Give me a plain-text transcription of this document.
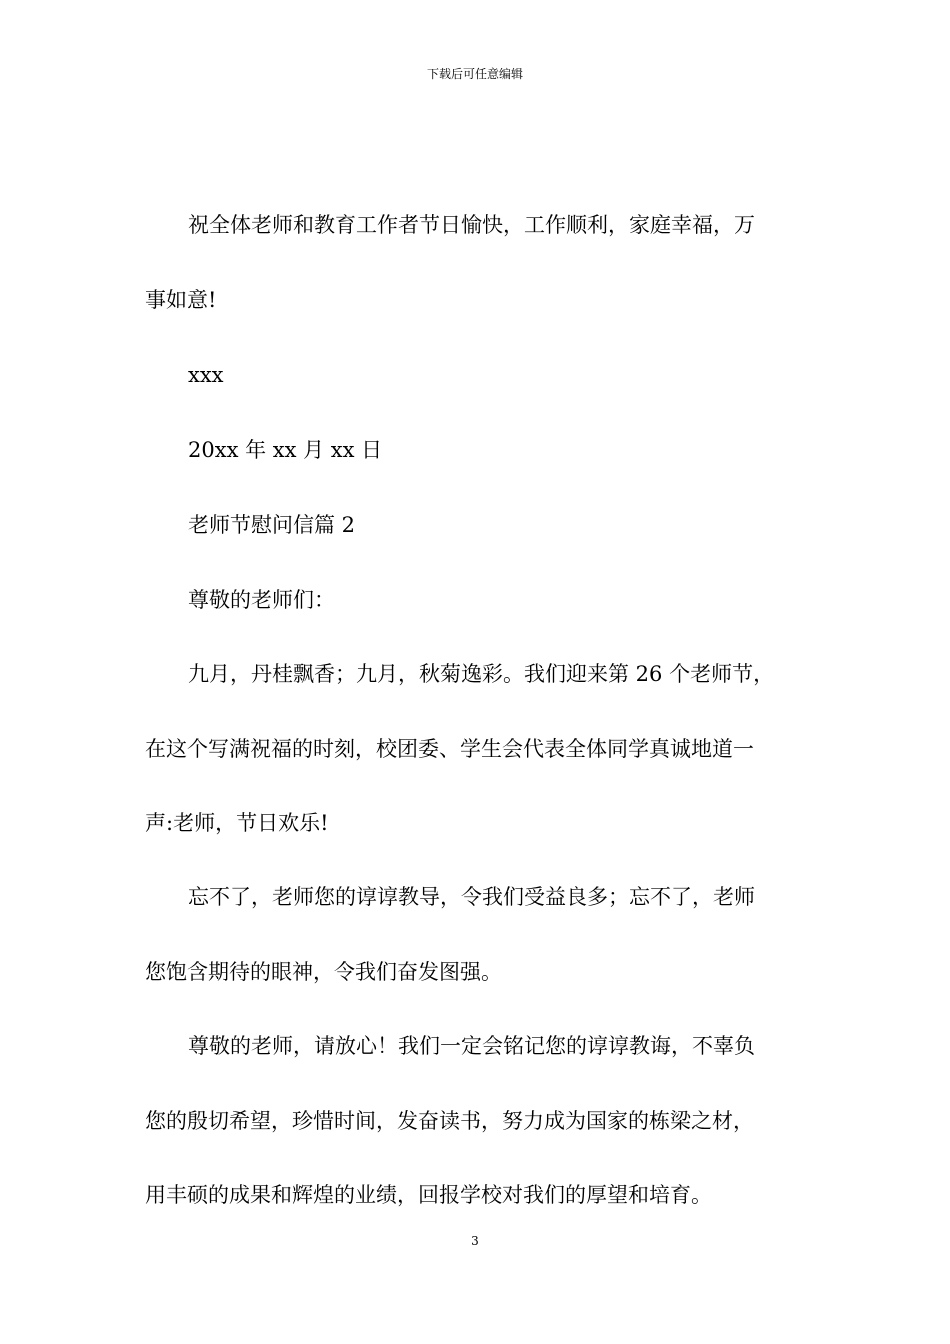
下载后可任意编辑
祝全体老师和教育工作者节日愉快，工作顺利，家庭幸福，万
事如意!
xxx
20xx 年 xx 月 xx 日
老师节慰问信篇 2
尊敬的老师们：
九月，丹桂飘香；九月，秋菊逸彩。我们迎来第 26 个老师节，
在这个写满祝福的时刻，校团委、学生会代表全体同学真诚地道一
声:老师，节日欢乐!
忘不了，老师您的谆谆教导，令我们受益良多；忘不了，老师
您饱含期待的眼神，令我们奋发图强。
尊敬的老师，请放心！我们一定会铭记您的谆谆教诲，不辜负
您的殷切希望，珍惜时间，发奋读书，努力成为国家的栋梁之材，
用丰硕的成果和辉煌的业绩，回报学校对我们的厚望和培育。
3
